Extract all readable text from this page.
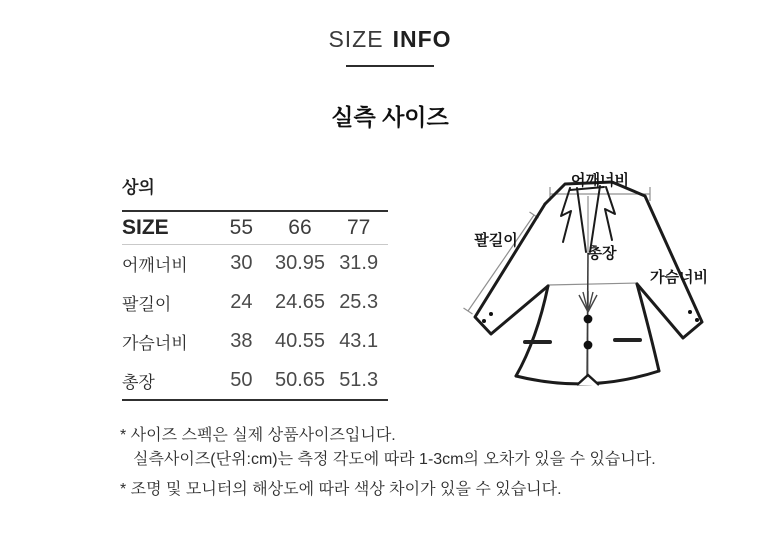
SIZE INFO
실측 사이즈
상의
SIZE	55	66	77
어깨너비	30	30.95	31.9
팔길이	24	24.65	25.3
가슴너비	38	40.55	43.1
총장	50	50.65	51.3
어깨너비
팔길이
총장
가슴너비

* 사이즈 스펙은 실제 상품사이즈입니다.

실측사이즈(단위:cm)는 측정 각도에 따라 1-3cm의 오차가 있을 수 있습니다.

* 조명 및 모니터의 해상도에 따라 색상 차이가 있을 수 있습니다.
